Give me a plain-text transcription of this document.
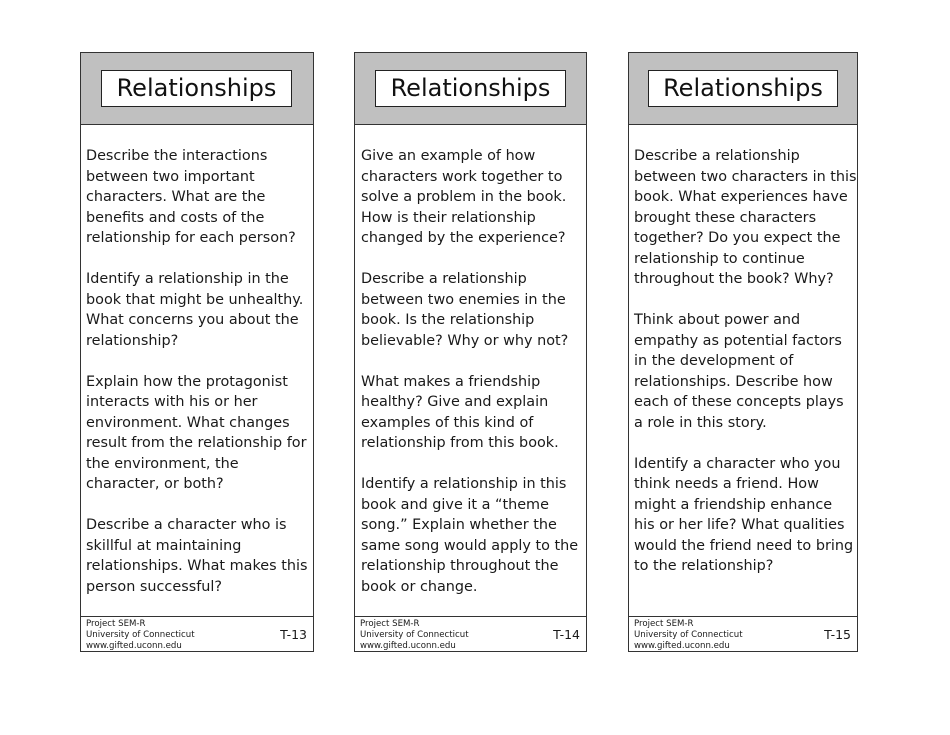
Relationships

Describe the interactions between two important characters. What are the benefits and costs of the relationship for each person?

Identify a relationship in the book that might be unhealthy. What concerns you about the relationship?

Explain how the protagonist interacts with his or her environment. What changes result from the relationship for the environment, the character, or both?

Describe a character who is skillful at maintaining relationships. What makes this person successful?

Project SEM-R
University of Connecticut
www.gifted.uconn.edu
T-13
Relationships

Give an example of how characters work together to solve a problem in the book. How is their relationship changed by the experience?

Describe a relationship between two enemies in the book. Is the relationship believable? Why or why not?

What makes a friendship healthy? Give and explain examples of this kind of relationship from this book.

Identify a relationship in this book and give it a “theme song.” Explain whether the same song would apply to the relationship throughout the book or change.

Project SEM-R
University of Connecticut
www.gifted.uconn.edu
T-14
Relationships

Describe a relationship between two characters in this book. What experiences have brought these characters together? Do you expect the relationship to continue throughout the book? Why?

Think about power and empathy as potential factors in the development of relationships. Describe how each of these concepts plays a role in this story.

Identify a character who you think needs a friend. How might a friendship enhance his or her life? What qualities would the friend need to bring to the relationship?

Project SEM-R
University of Connecticut
www.gifted.uconn.edu
T-15
